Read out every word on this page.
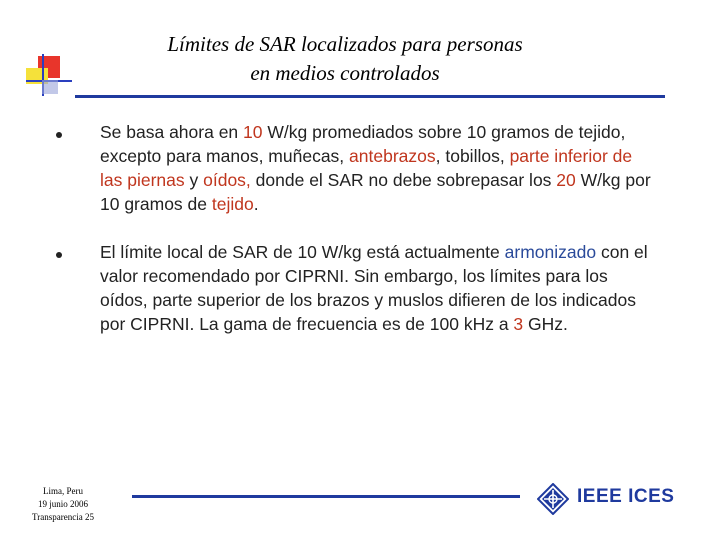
Límites de SAR localizados para personas
en medios controlados

Se basa ahora en 10 W/kg promediados sobre 10 gramos de tejido, excepto para manos, muñecas, antebrazos, tobillos, parte inferior de las piernas y oídos, donde el SAR no debe sobrepasar los 20 W/kg por 10 gramos de tejido.

El límite local de SAR de 10 W/kg está actualmente armonizado con el valor recomendado por CIPRNI. Sin embargo, los límites para los oídos, parte superior de los brazos y muslos difieren de los indicados por CIPRNI. La gama de frecuencia es de 100 kHz a 3 GHz.

Lima, Peru
19 junio 2006
Transparencia 25
IEEE ICES
